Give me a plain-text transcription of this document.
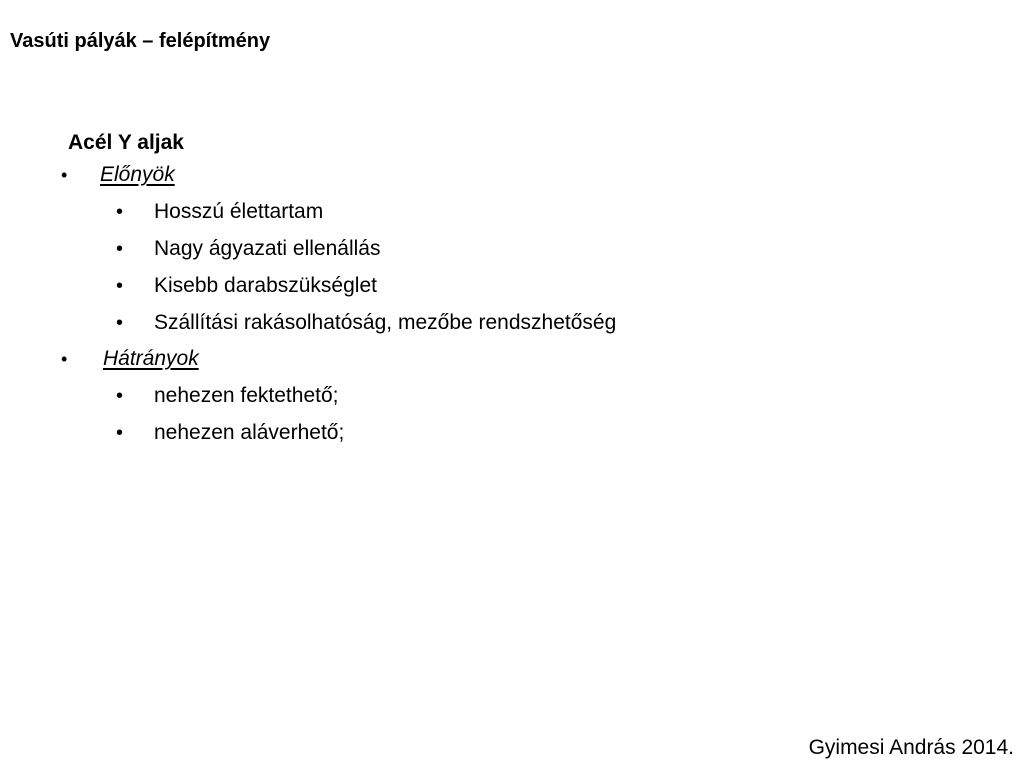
Vasúti pályák – felépítmény
Acél Y aljak
• Előnyök
• Hosszú élettartam
• Nagy ágyazati ellenállás
• Kisebb darabszükséglet
• Szállítási rakásolhatóság, mezőbe rendszhetőség
• Hátrányok
• nehezen fektethető;
• nehezen aláverhető;
Gyimesi András 2014.
